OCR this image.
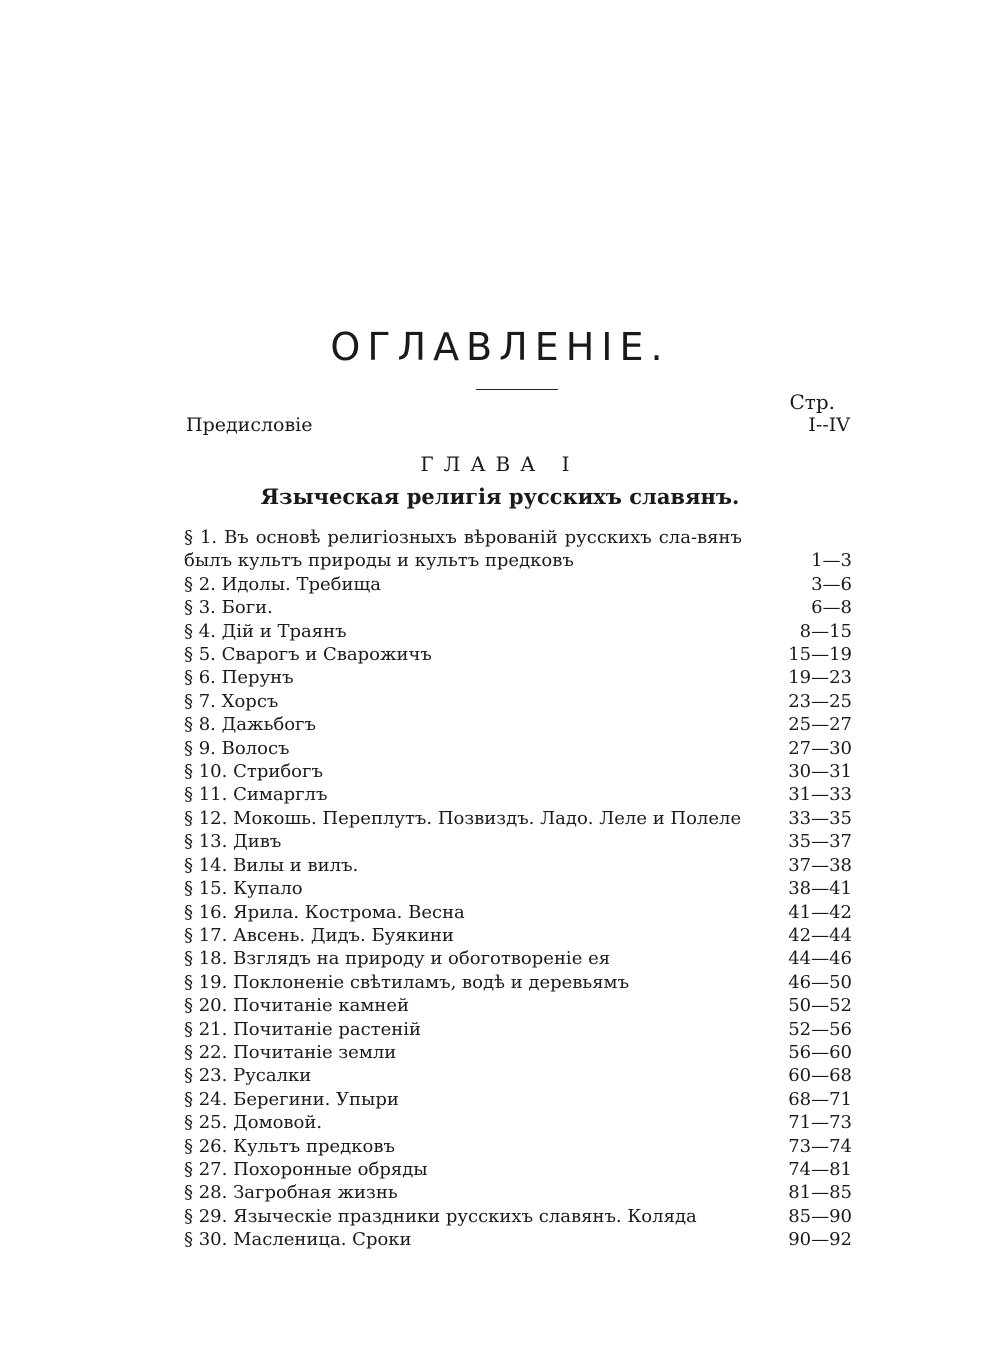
ОГЛАВЛЕНIЕ.
Стр.
Предисловiе	I--IV
ГЛАВА I
Языческая религiя русскихъ славянъ.
§ 1. Въ основѣ религiозныхъ вѣрованiй русскихъ сла-вянъ былъ культъ природы и культъ предковъ	1—3
§ 2. Идолы. Требища	3—6
§ 3. Боги.	6—8
§ 4. Дiй и Траянъ	8—15
§ 5. Сварогъ и Сварожичъ	15—19
§ 6. Перунъ	19—23
§ 7. Хорсъ	23—25
§ 8. Дажьбогъ	25—27
§ 9. Волосъ	27—30
§ 10. Стрибогъ	30—31
§ 11. Симарглъ	31—33
§ 12. Мокошь. Переплутъ. Позвиздъ. Ладо. Леле и Полеле	33—35
§ 13. Дивъ	35—37
§ 14. Вилы и вилъ.	37—38
§ 15. Купало	38—41
§ 16. Ярила. Кострома. Весна	41—42
§ 17. Авсень. Дидъ. Буякини	42—44
§ 18. Взглядъ на природу и обоготворенiе ея	44—46
§ 19. Поклоненiе свѣтиламъ, водѣ и деревьямъ	46—50
§ 20. Почитанiе камней	50—52
§ 21. Почитанiе растенiй	52—56
§ 22. Почитанiе земли	56—60
§ 23. Русалки	60—68
§ 24. Берегини. Упыри	68—71
§ 25. Домовой.	71—73
§ 26. Культъ предковъ	73—74
§ 27. Похоронные обряды	74—81
§ 28. Загробная жизнь	81—85
§ 29. Языческiе праздники русскихъ славянъ. Коляда	85—90
§ 30. Масленица. Сроки	90—92
